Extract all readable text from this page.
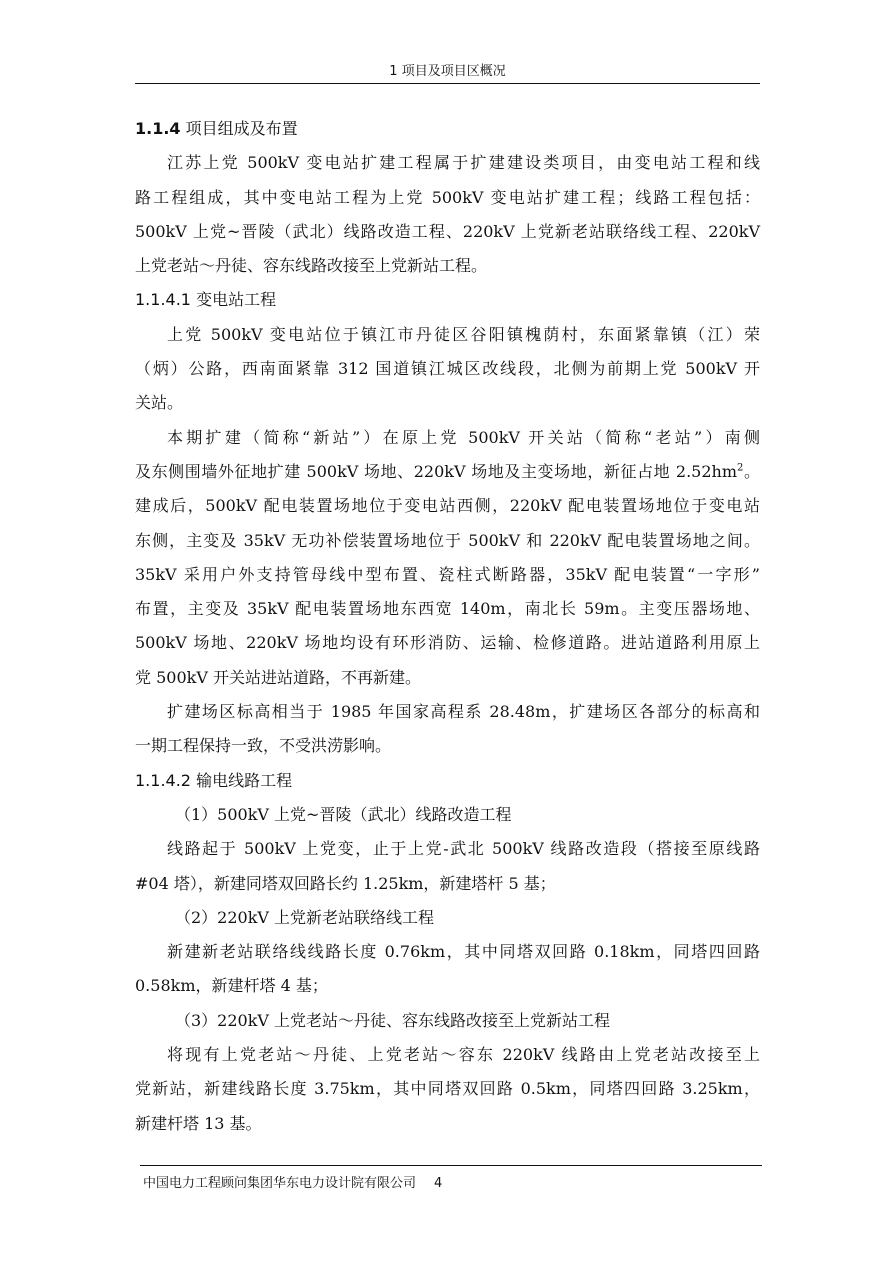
1 项目及项目区概况
1.1.4 项目组成及布置
江苏上党 500kV 变电站扩建工程属于扩建建设类项目，由变电站工程和线
路工程组成，其中变电站工程为上党 500kV 变电站扩建工程；线路工程包括：
500kV 上党~晋陵（武北）线路改造工程、220kV 上党新老站联络线工程、220kV
上党老站～丹徒、容东线路改接至上党新站工程。
1.1.4.1 变电站工程
上党 500kV 变电站位于镇江市丹徒区谷阳镇槐荫村，东面紧靠镇（江）荣
（炳）公路，西南面紧靠 312 国道镇江城区改线段，北侧为前期上党 500kV 开
关站。
本期扩建（简称“新站”）在原上党 500kV 开关站（简称“老站”）南侧
及东侧围墙外征地扩建 500kV 场地、220kV 场地及主变场地，新征占地 $2.52hm^2$。
建成后，500kV 配电装置场地位于变电站西侧，220kV 配电装置场地位于变电站
东侧，主变及 35kV 无功补偿装置场地位于 500kV 和 220kV 配电装置场地之间。
35kV 采用户外支持管母线中型布置、瓷柱式断路器，35kV 配电装置“一字形”
布置，主变及 35kV 配电装置场地东西宽 140m，南北长 59m。主变压器场地、
500kV 场地、220kV 场地均设有环形消防、运输、检修道路。进站道路利用原上
党 500kV 开关站进站道路，不再新建。
扩建场区标高相当于 1985 年国家高程系 28.48m，扩建场区各部分的标高和
一期工程保持一致，不受洪涝影响。
1.1.4.2 输电线路工程
（1）500kV 上党~晋陵（武北）线路改造工程
线路起于 500kV 上党变，止于上党-武北 500kV 线路改造段（搭接至原线路
#04 塔），新建同塔双回路长约 1.25km，新建塔杆 5 基；
（2）220kV 上党新老站联络线工程
新建新老站联络线线路长度 0.76km，其中同塔双回路 0.18km，同塔四回路
0.58km，新建杆塔 4 基；
（3）220kV 上党老站～丹徒、容东线路改接至上党新站工程
将现有上党老站～丹徒、上党老站～容东 220kV 线路由上党老站改接至上
党新站，新建线路长度 3.75km，其中同塔双回路 0.5km，同塔四回路 3.25km，
新建杆塔 13 基。
中国电力工程顾问集团华东电力设计院有限公司 4
